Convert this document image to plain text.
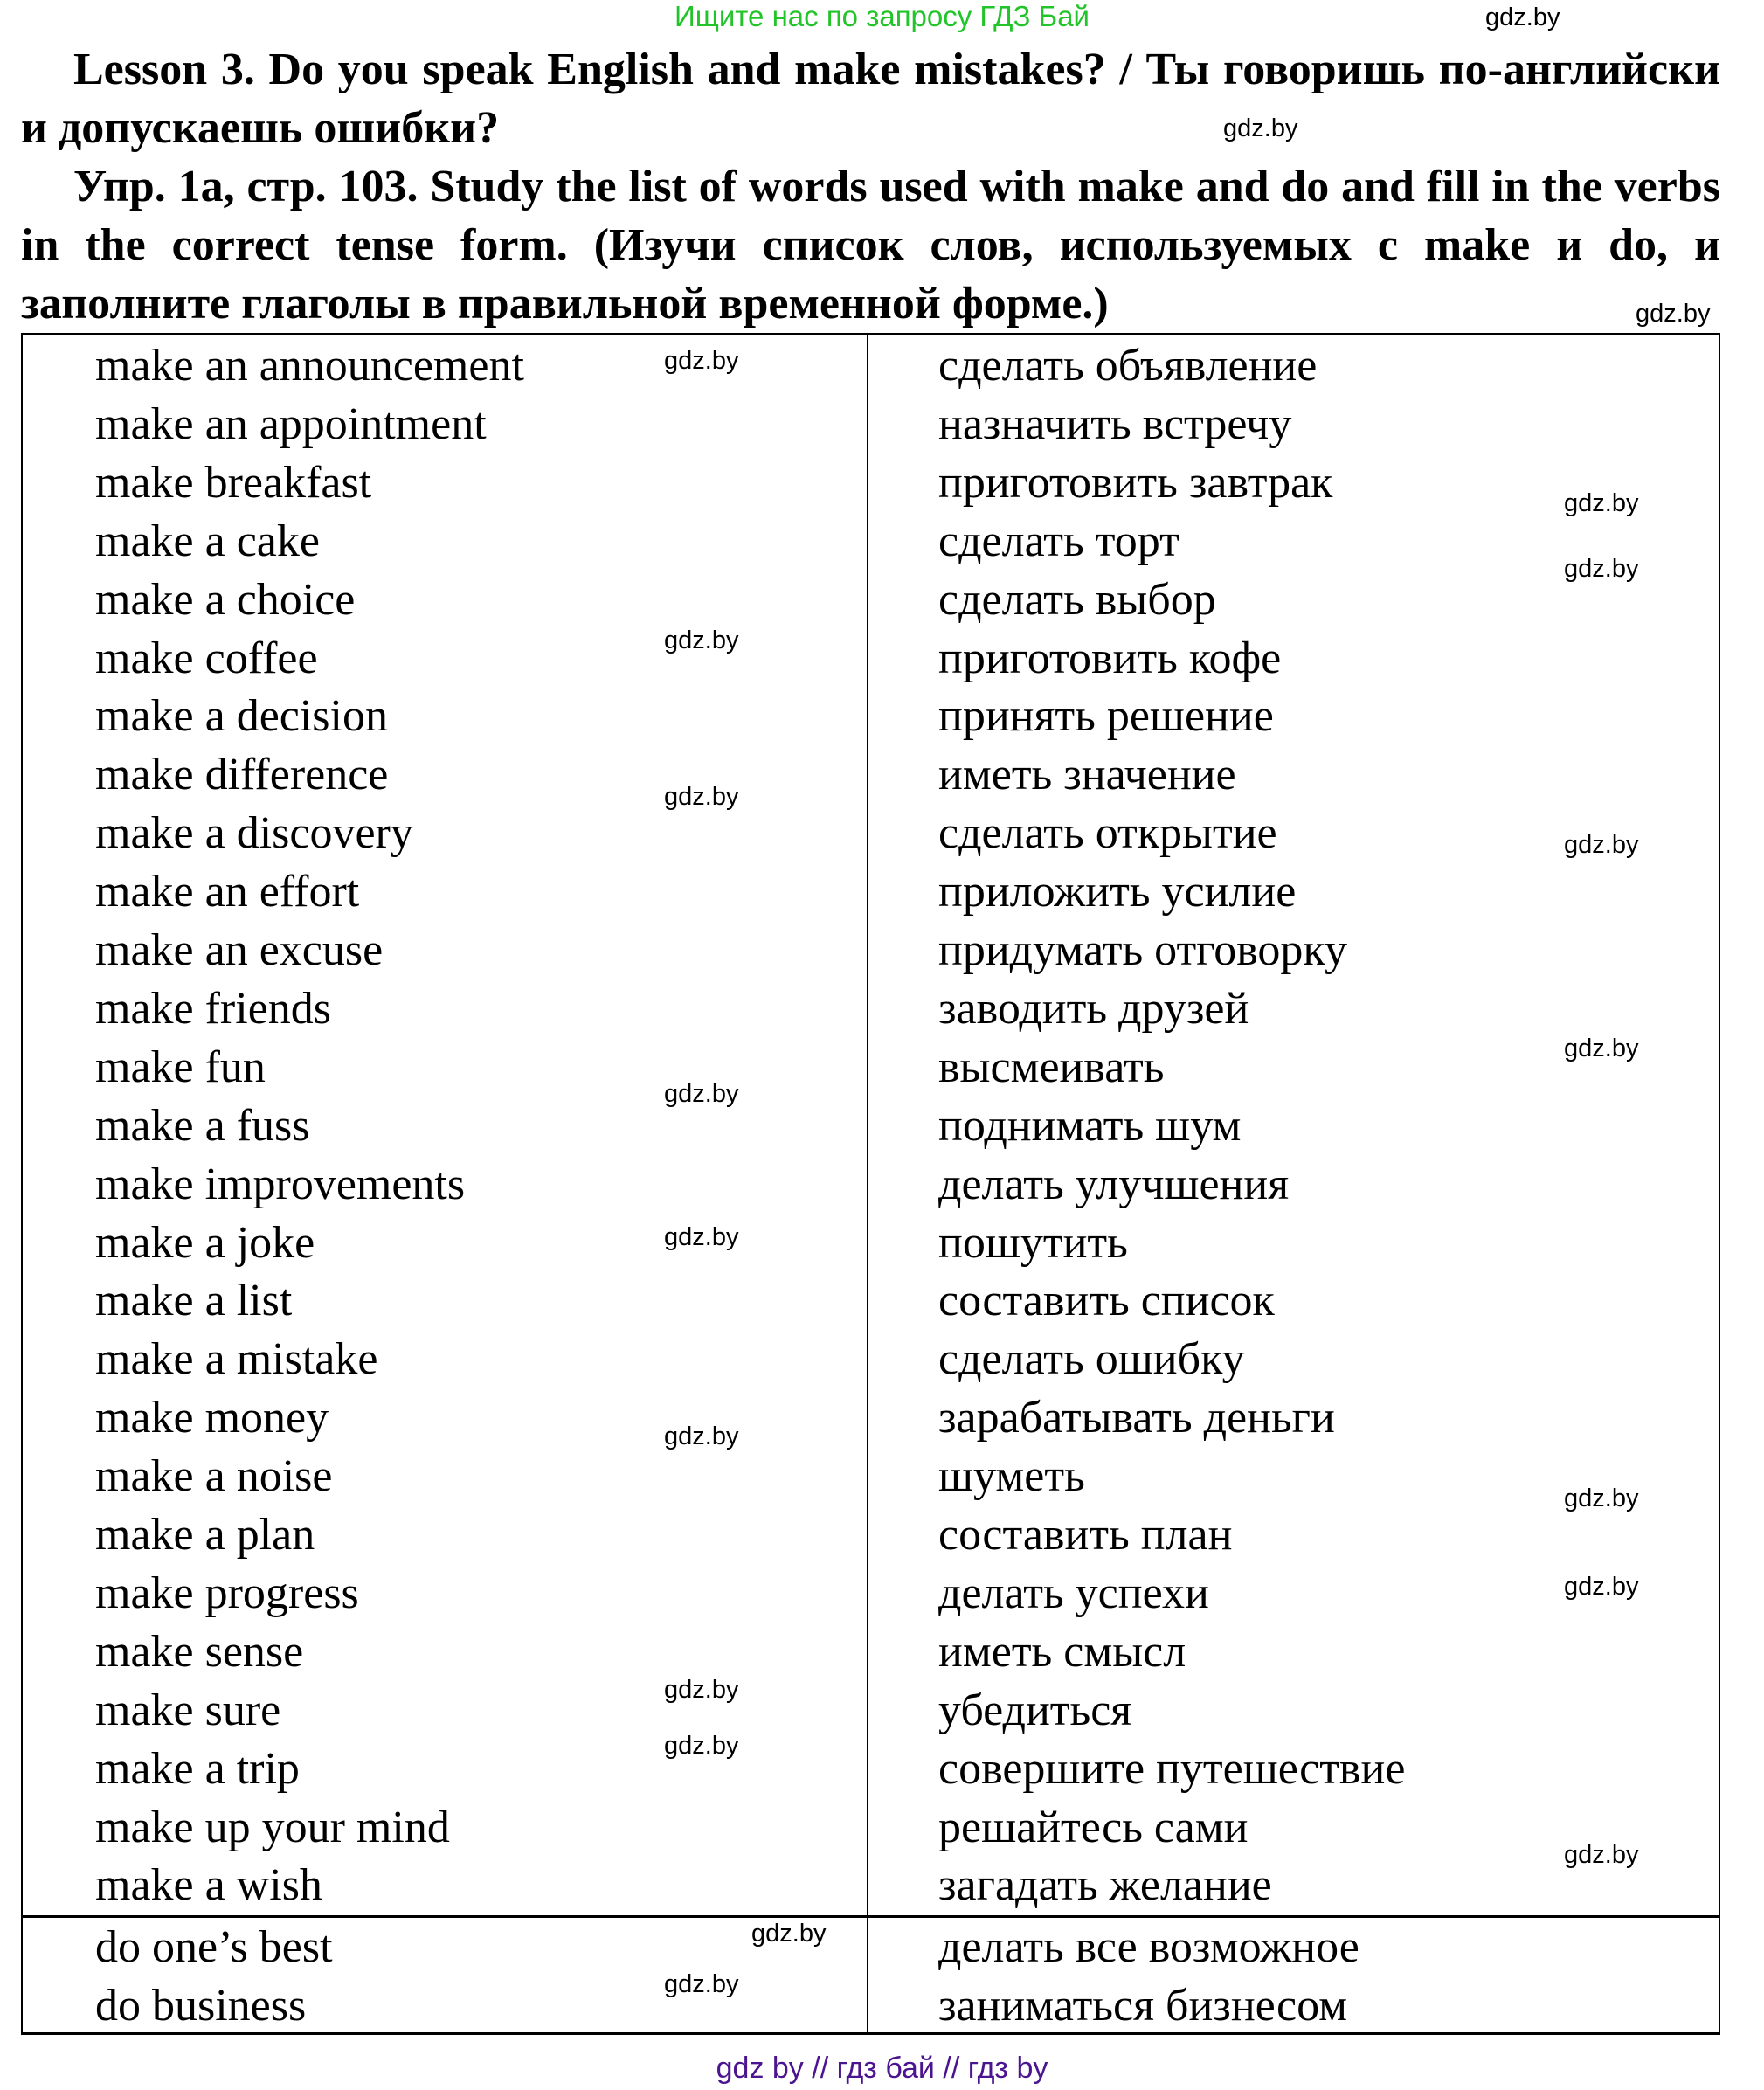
Ищите нас по запросу ГДЗ Бай
Lesson 3. Do you speak English and make mistakes? / Ты говоришь по-английски и допускаешь ошибки?
Упр. 1a, стр. 103. Study the list of words used with make and do and fill in the verbs in the correct tense form. (Изучи список слов, используемых с make и do, и заполните глаголы в правильной временной форме.)
make an announcement	сделать объявление
make an appointment	назначить встречу
make breakfast	приготовить завтрак
make a cake	сделать торт
make a choice	сделать выбор
make coffee	приготовить кофе
make a decision	принять решение
make difference	иметь значение
make a discovery	сделать открытие
make an effort	приложить усилие
make an excuse	придумать отговорку
make friends	заводить друзей
make fun	высмеивать
make a fuss	поднимать шум
make improvements	делать улучшения
make a joke	пошутить
make a list	составить список
make a mistake	сделать ошибку
make money	зарабатывать деньги
make a noise	шуметь
make a plan	составить план
make progress	делать успехи
make sense	иметь смысл
make sure	убедиться
make a trip	совершите путешествие
make up your mind	решайтесь сами
make a wish	загадать желание
do one’s best	делать все возможное
do business	заниматься бизнесом
gdz.by
gdz.by
gdz.by
gdz.by
gdz.by
gdz.by
gdz.by
gdz.by
gdz.by
gdz.by
gdz.by
gdz.by
gdz.by
gdz.by
gdz.by
gdz.by
gdz.by
gdz.by
gdz.by
gdz.by
gdz by // гдз бай // гдз by
